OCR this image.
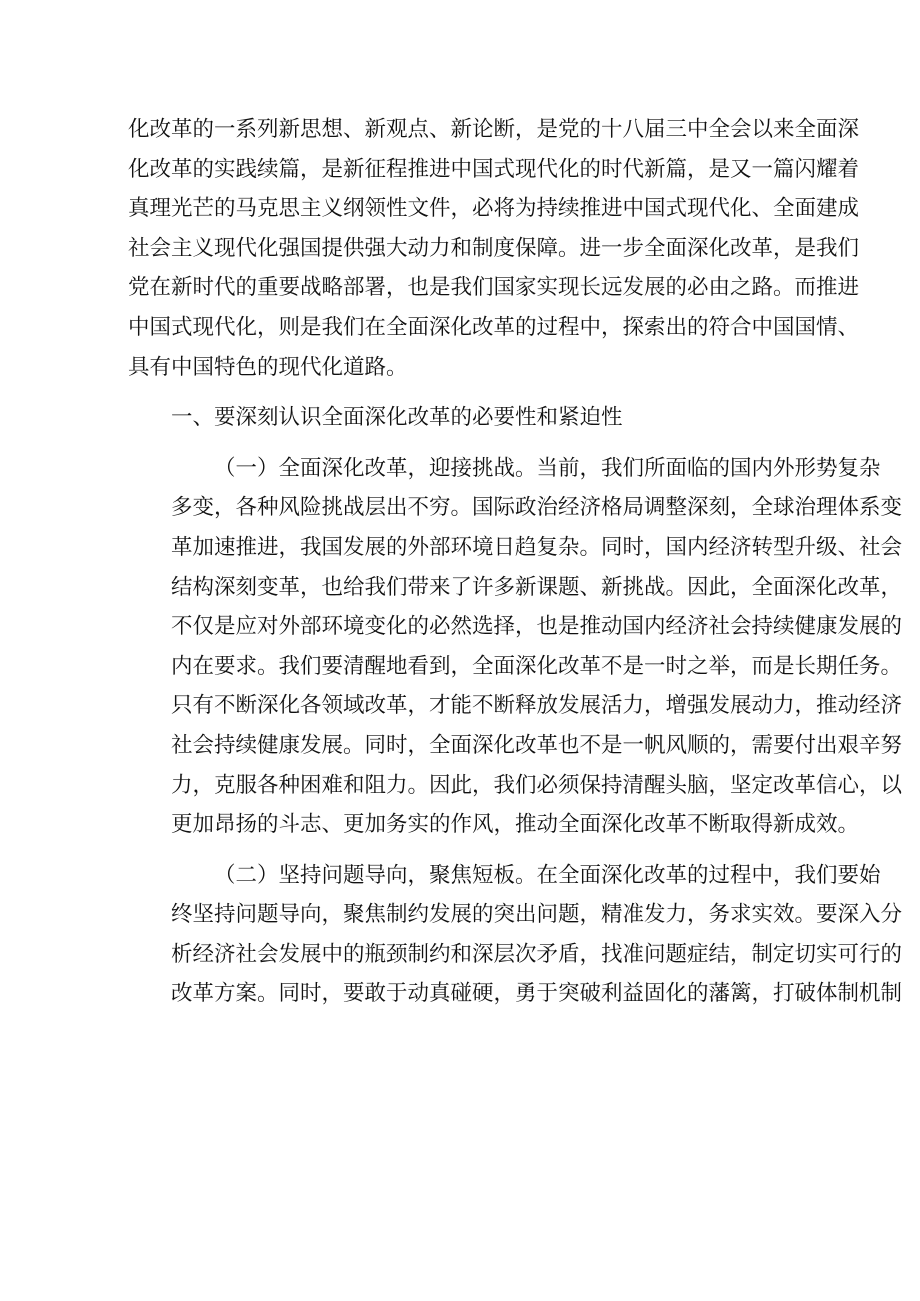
化改革的一系列新思想、新观点、新论断，是党的十八届三中全会以来全面深
化改革的实践续篇，是新征程推进中国式现代化的时代新篇，是又一篇闪耀着
真理光芒的马克思主义纲领性文件，必将为持续推进中国式现代化、全面建成
社会主义现代化强国提供强大动力和制度保障。进一步全面深化改革，是我们
党在新时代的重要战略部署，也是我们国家实现长远发展的必由之路。而推进
中国式现代化，则是我们在全面深化改革的过程中，探索出的符合中国国情、
具有中国特色的现代化道路。

一、要深刻认识全面深化改革的必要性和紧迫性

（一）全面深化改革，迎接挑战。当前，我们所面临的国内外形势复杂
多变，各种风险挑战层出不穷。国际政治经济格局调整深刻，全球治理体系变
革加速推进，我国发展的外部环境日趋复杂。同时，国内经济转型升级、社会
结构深刻变革，也给我们带来了许多新课题、新挑战。因此，全面深化改革，
不仅是应对外部环境变化的必然选择，也是推动国内经济社会持续健康发展的
内在要求。我们要清醒地看到，全面深化改革不是一时之举，而是长期任务。
只有不断深化各领域改革，才能不断释放发展活力，增强发展动力，推动经济
社会持续健康发展。同时，全面深化改革也不是一帆风顺的，需要付出艰辛努
力，克服各种困难和阻力。因此，我们必须保持清醒头脑，坚定改革信心，以
更加昂扬的斗志、更加务实的作风，推动全面深化改革不断取得新成效。

（二）坚持问题导向，聚焦短板。在全面深化改革的过程中，我们要始
终坚持问题导向，聚焦制约发展的突出问题，精准发力，务求实效。要深入分
析经济社会发展中的瓶颈制约和深层次矛盾，找准问题症结，制定切实可行的
改革方案。同时，要敢于动真碰硬，勇于突破利益固化的藩篱，打破体制机制
